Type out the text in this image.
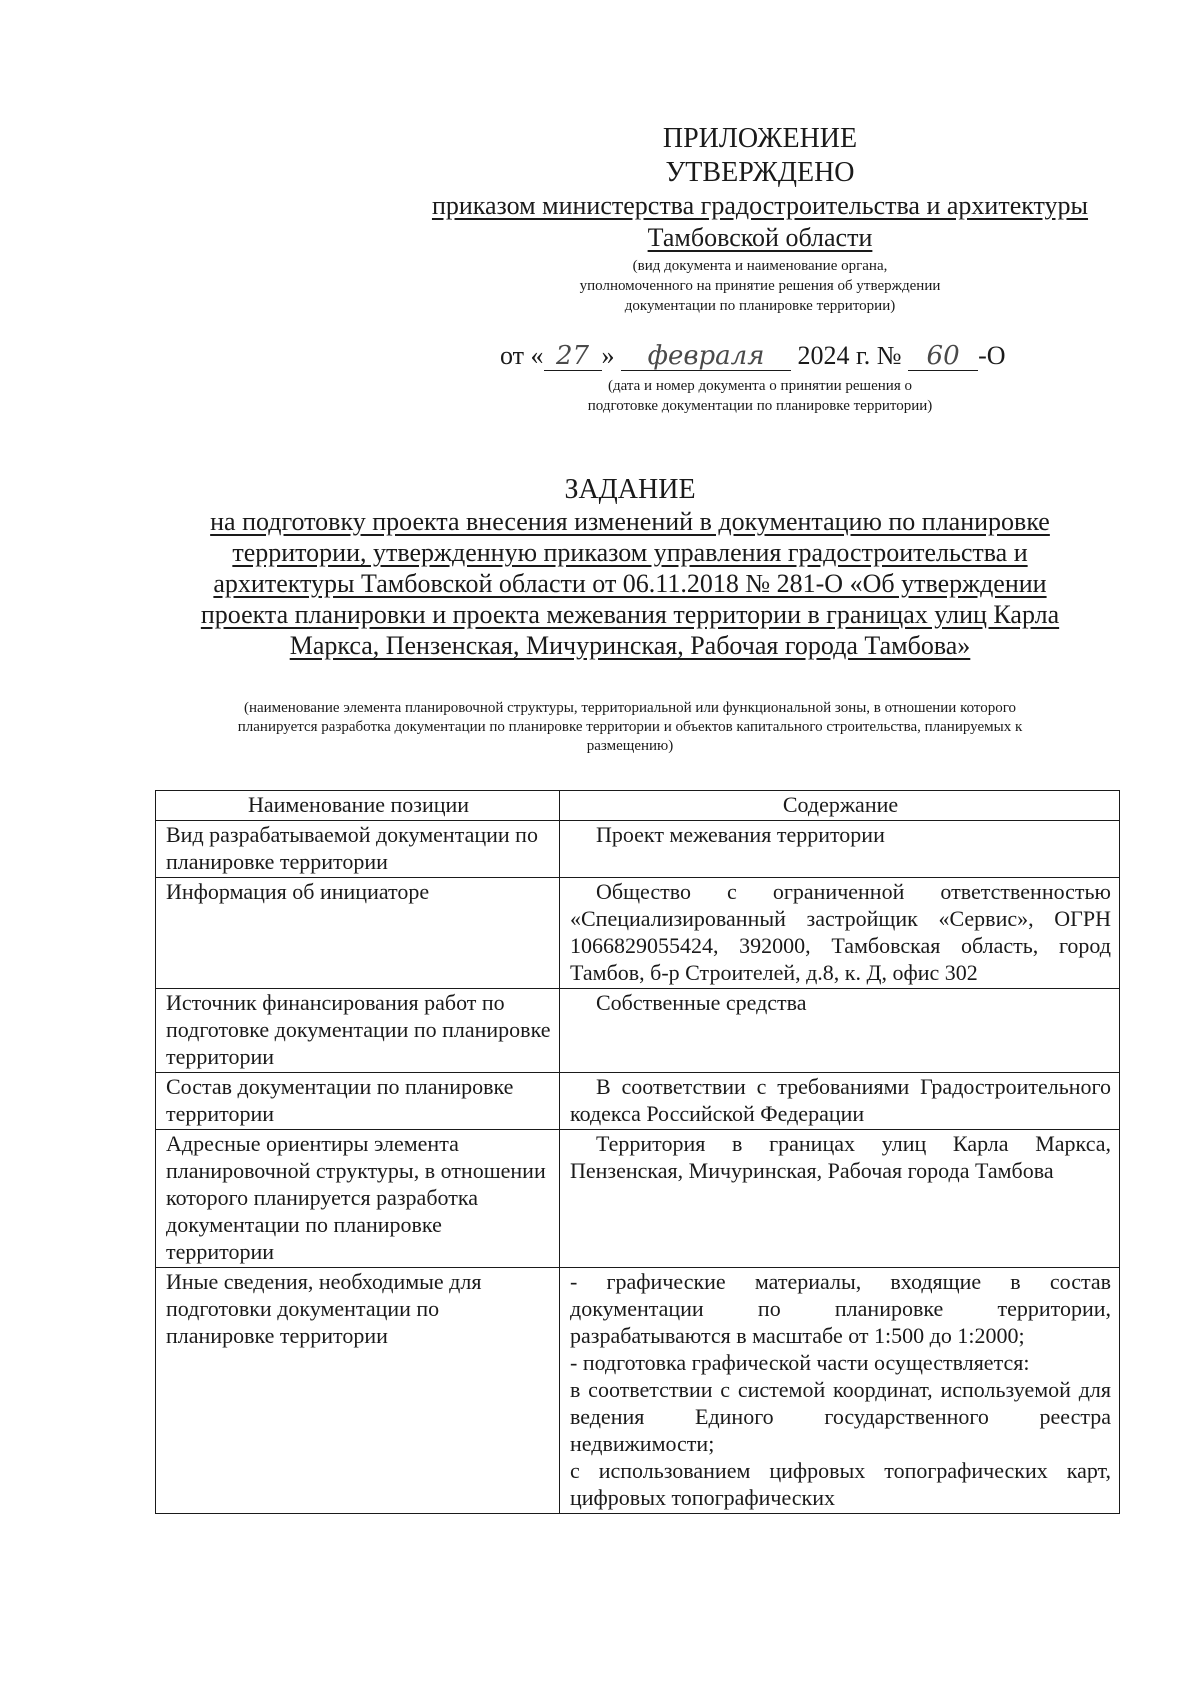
ПРИЛОЖЕНИЕ
УТВЕРЖДЕНО
приказом министерства градостроительства и архитектуры
Тамбовской области
(вид документа и наименование органа,
уполномоченного на принятие решения об утверждении
документации по планировке территории)
от « 27 » февраля 2024 г. № 60 -О
(дата и номер документа о принятии решения о
подготовке документации по планировке территории)
ЗАДАНИЕ
на подготовку проекта внесения изменений в документацию по планировке
территории, утвержденную приказом управления градостроительства и
архитектуры Тамбовской области от 06.11.2018 № 281-О «Об утверждении
проекта планировки и проекта межевания территории в границах улиц Карла
Маркса, Пензенская, Мичуринская, Рабочая города Тамбова»
(наименование элемента планировочной структуры, территориальной или функциональной зоны, в отношении которого
планируется разработка документации по планировке территории и объектов капитального строительства, планируемых к
размещению)
Наименование позиции	Содержание
Вид разрабатываемой документации по планировке территории	Проект межевания территории
Информация об инициаторе	Общество с ограниченной ответственностью «Специализированный застройщик «Сервис», ОГРН 1066829055424, 392000, Тамбовская область, город Тамбов, б-р Строителей, д.8, к. Д, офис 302
Источник финансирования работ по подготовке документации по планировке территории	Собственные средства
Состав документации по планировке территории	В соответствии с требованиями Градостроительного кодекса Российской Федерации
Адресные ориентиры элемента планировочной структуры, в отношении которого планируется разработка документации по планировке территории	Территория в границах улиц Карла Маркса, Пензенская, Мичуринская, Рабочая города Тамбова
Иные сведения, необходимые для подготовки документации по планировке территории	- графические материалы, входящие в состав документации по планировке территории, разрабатываются в масштабе от 1:500 до 1:2000;

- подготовка графической части осуществляется:

в соответствии с системой координат, используемой для ведения Единого государственного реестра недвижимости;

с использованием цифровых топографических карт, цифровых топографических
